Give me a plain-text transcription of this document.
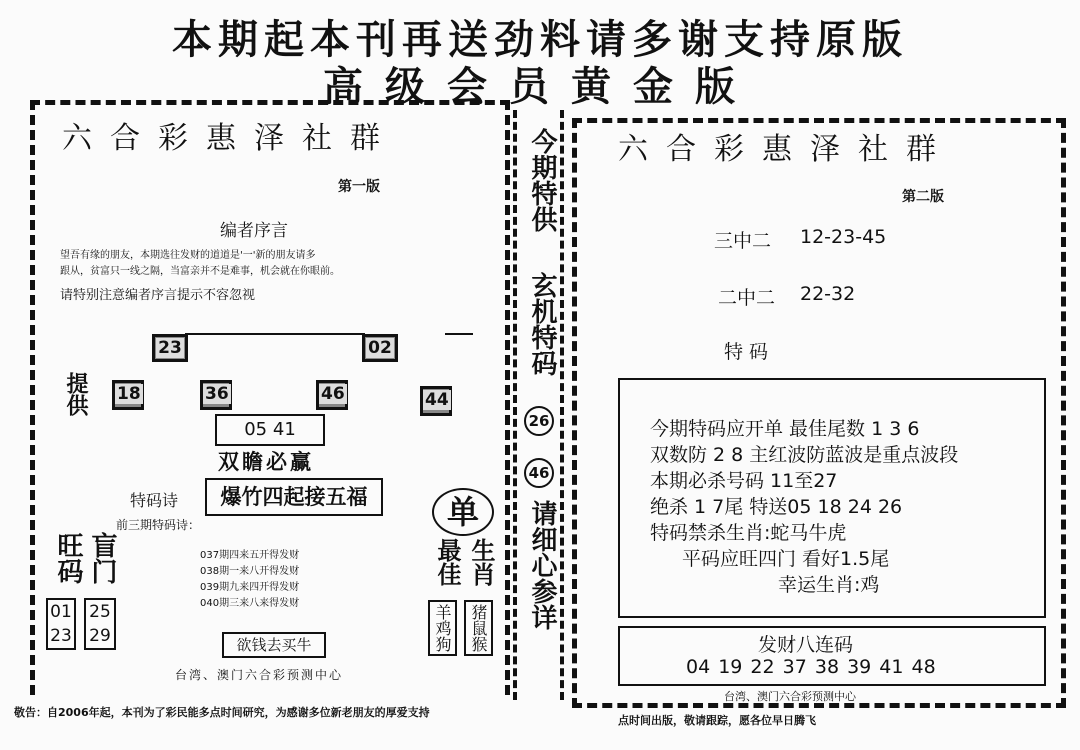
本期起本刊再送劲料请多谢支持原版
高级会员黄金版
六合彩惠泽社群
第一版
编者序言
望吾有缘的朋友，本期选往发财的道道是'一'新的朋友请多
跟从，贫富只一线之隔，当富亲并不是难事，机会就在你眼前。
请特别注意编者序言提示不容忽视
23	02
提供 18	36	46	44
05 41
双瞻必赢
特码诗	爆竹四起接五福
前三期特码诗：
037期四来五开得发财
038期一来八开得发财
039期九来四开得发财
040期三来八来得发财
旺码 盲门
01
23
25
29	欲钱去买牛
台湾、澳门六合彩预测中心
单
最佳 生肖
羊鸡狗	猪鼠猴
今期特供
玄机特码
26
46
请细心参详
六合彩惠泽社群
第二版
三中二 12-23-45
二中二 22-32
特 码
今期特码应开单 最佳尾数 1 3 6
双数防 2 8 主红波防蓝波是重点波段
本期必杀号码 11至27
绝杀 1 7尾 特送05 18 24 26
特码禁杀生肖:蛇马牛虎
平码应旺四门 看好1.5尾
幸运生肖:鸡
发财八连码
04 19 22 37 38 39 41 48
台湾、澳门六合彩预测中心
敬告：自2006年起，本刊为了彩民能多点时间研究，为感谢多位新老朋友的厚爱支持
点时间出版，敬请跟踪，愿各位早日腾飞
